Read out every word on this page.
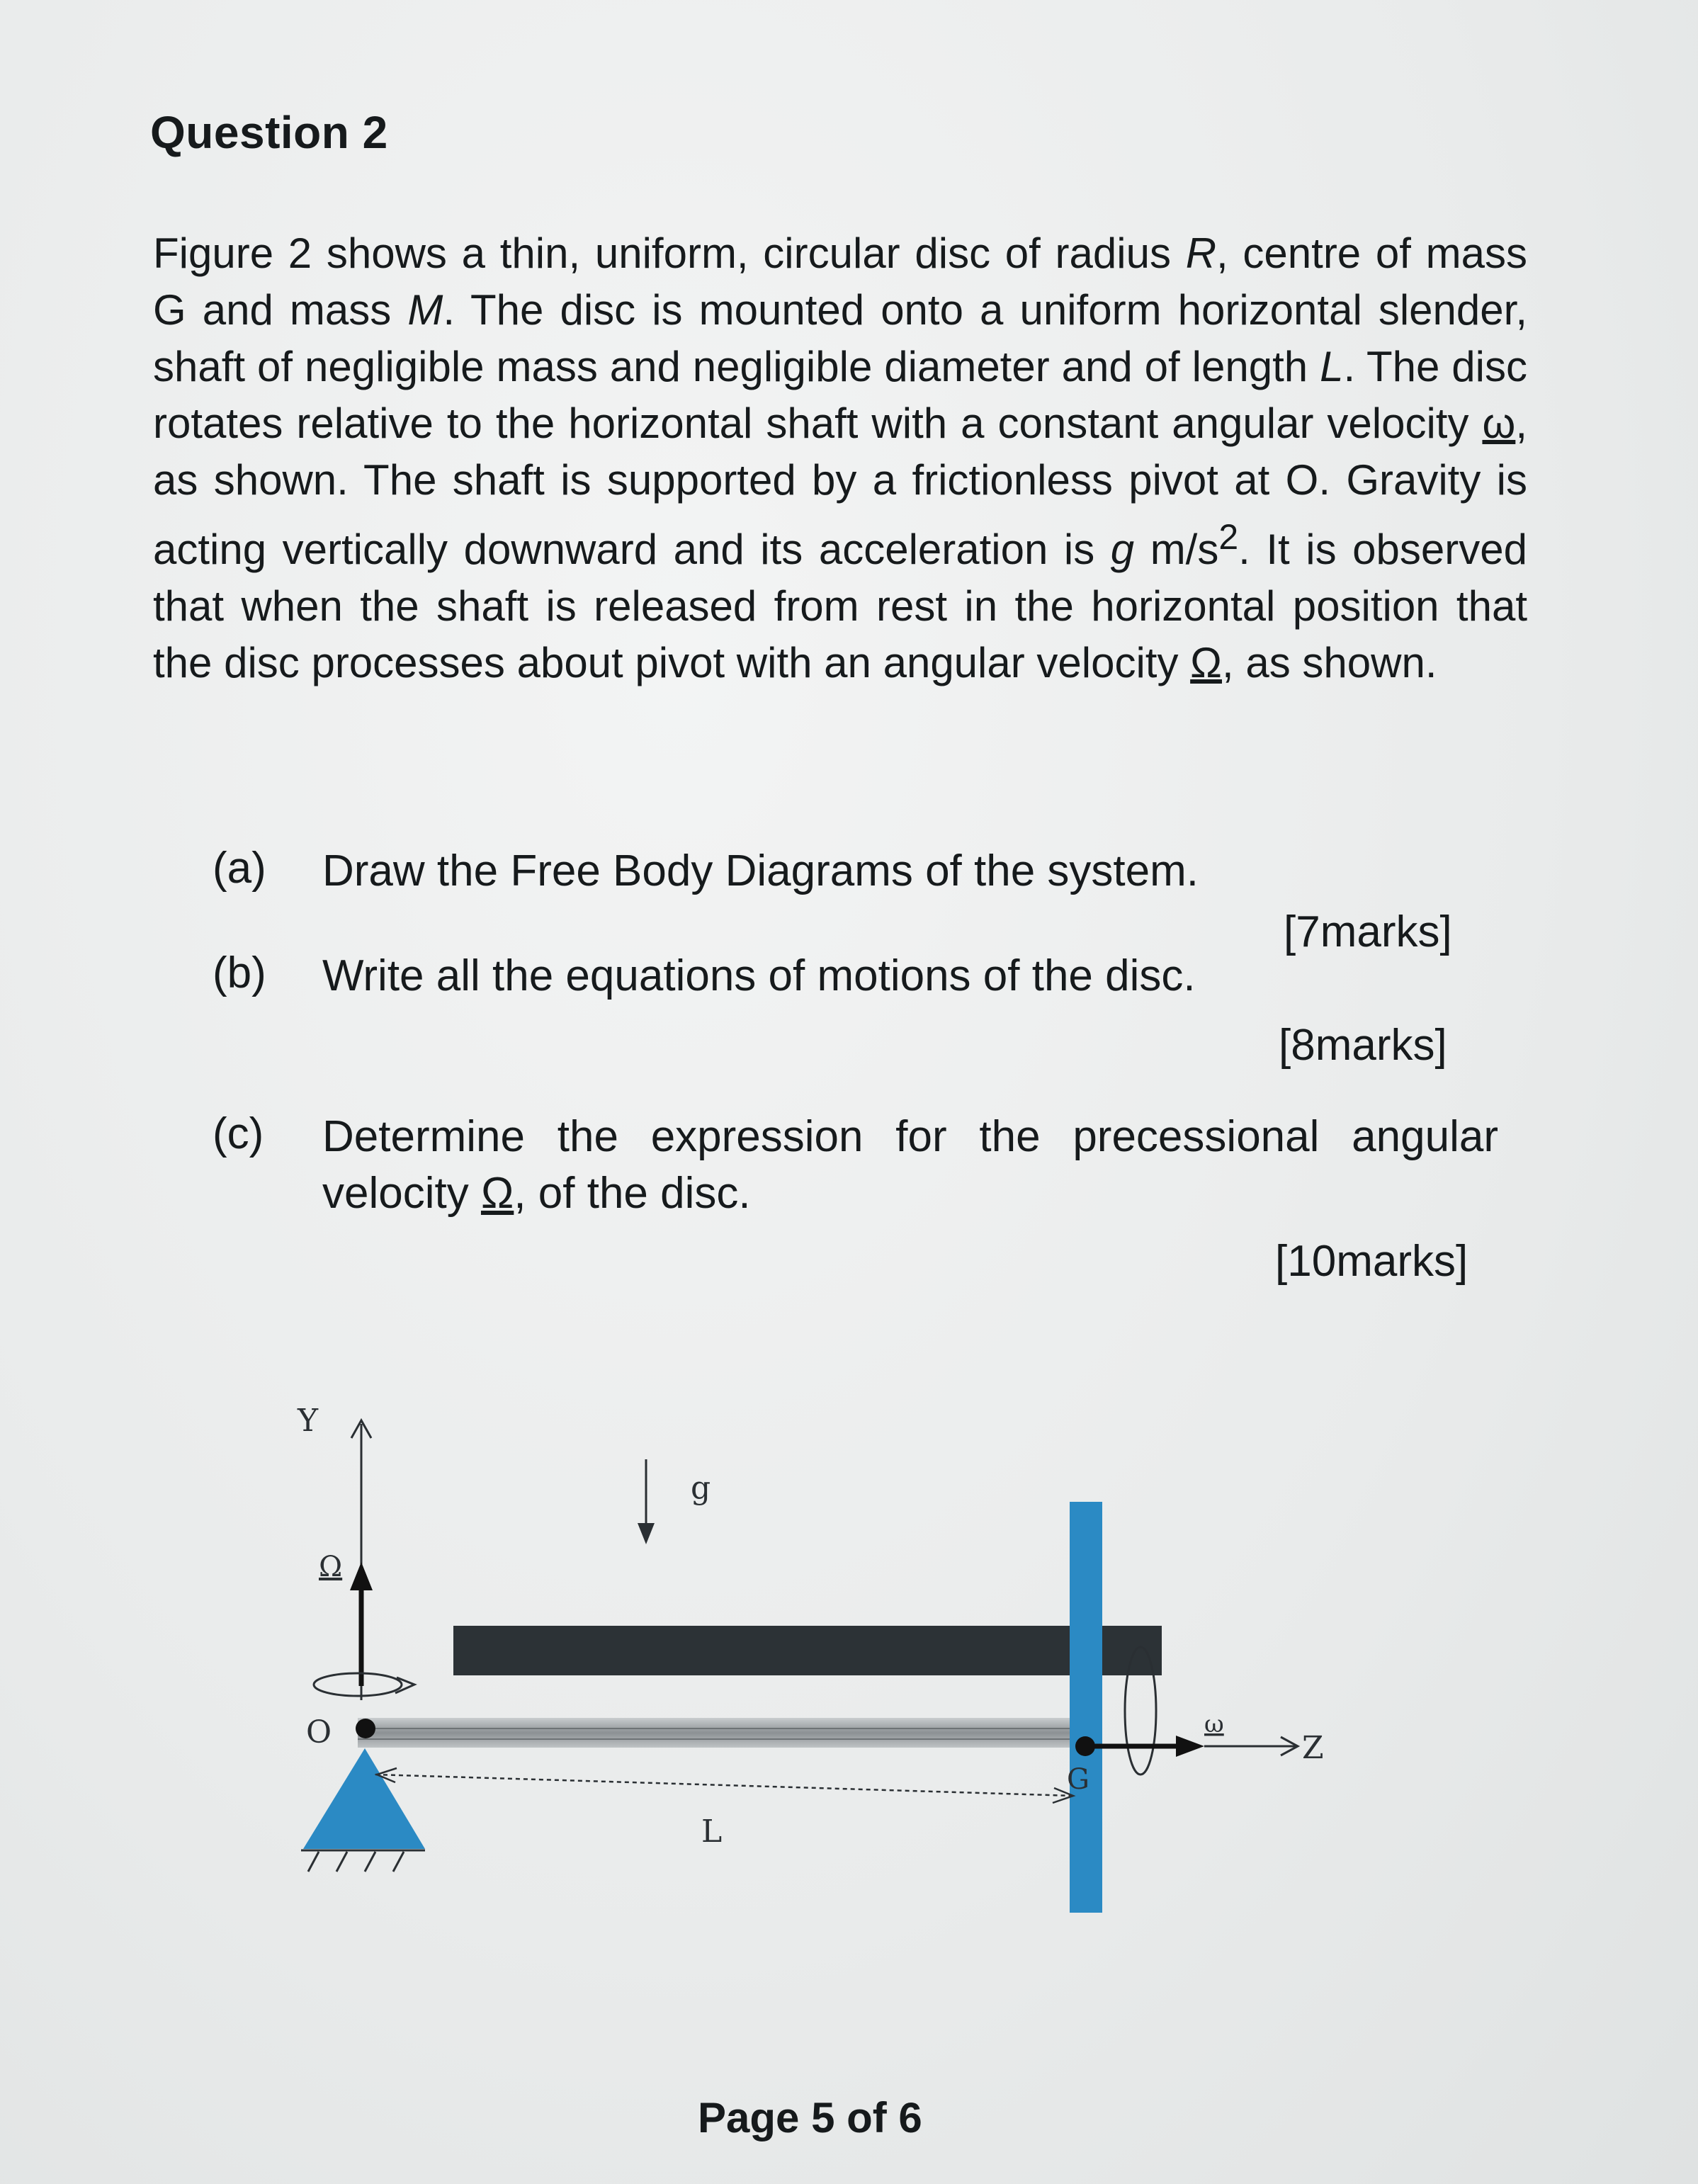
Question 2
Figure 2 shows a thin, uniform, circular disc of radius R, centre of mass G and mass M. The disc is mounted onto a uniform horizontal slender, shaft of negligible mass and negligible diameter and of length L. The disc rotates relative to the horizontal shaft with a constant angular velocity ω, as shown. The shaft is supported by a frictionless pivot at O. Gravity is acting vertically downward and its acceleration is g $m/s^2$. It is observed that when the shaft is released from rest in the horizontal position that the disc processes about pivot with an angular velocity Ω, as shown.
(a) Draw the Free Body Diagrams of the system.
[7marks]
(b) Write all the equations of motions of the disc.
[8marks]
(c) Determine the expression for the precessional angular velocity Ω, of the disc.
[10marks]
Y
Ω
g
O
L
G
ω
Z
Page 5 of 6
